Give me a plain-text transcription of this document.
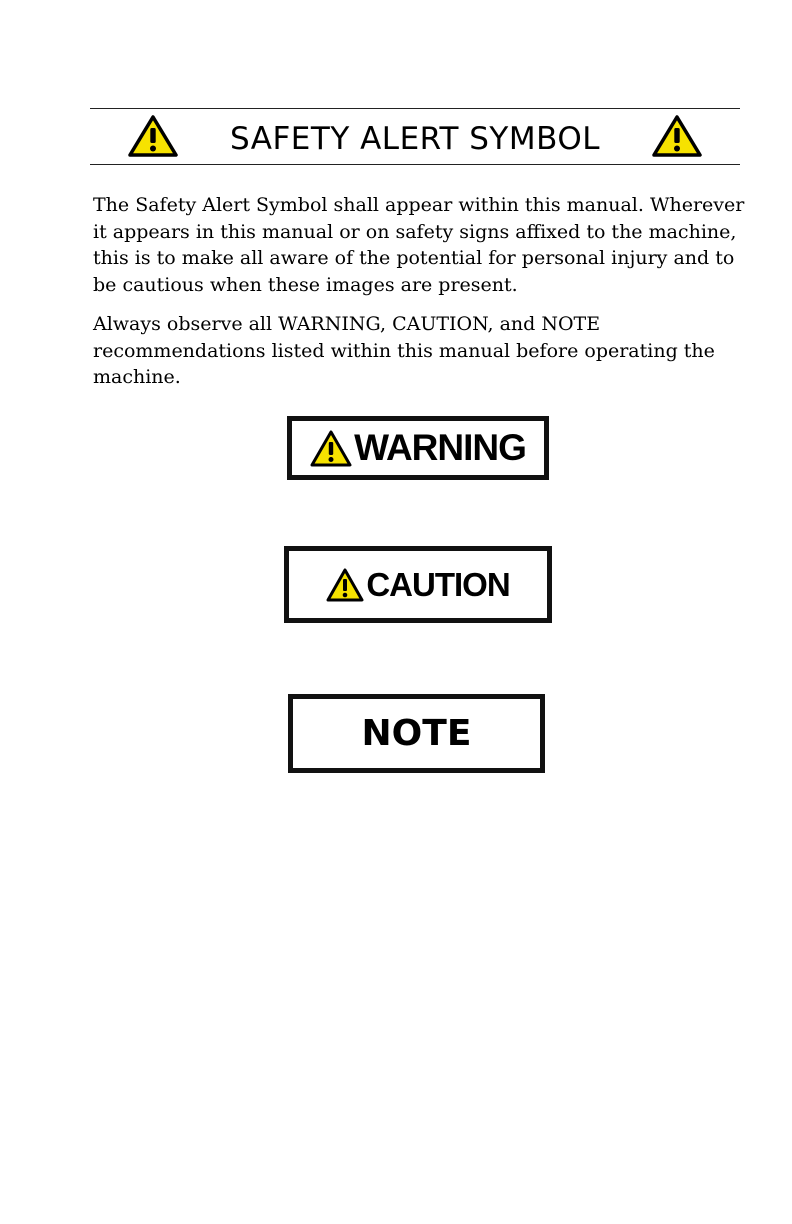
SAFETY ALERT SYMBOL

The Safety Alert Symbol shall appear within this manual. Wherever it appears in this manual or on safety signs affixed to the machine, this is to make all aware of the potential for personal injury and to be cautious when these images are present.

Always observe all WARNING, CAUTION, and NOTE recommendations listed within this manual before operating the machine.

WARNING
CAUTION
NOTE
